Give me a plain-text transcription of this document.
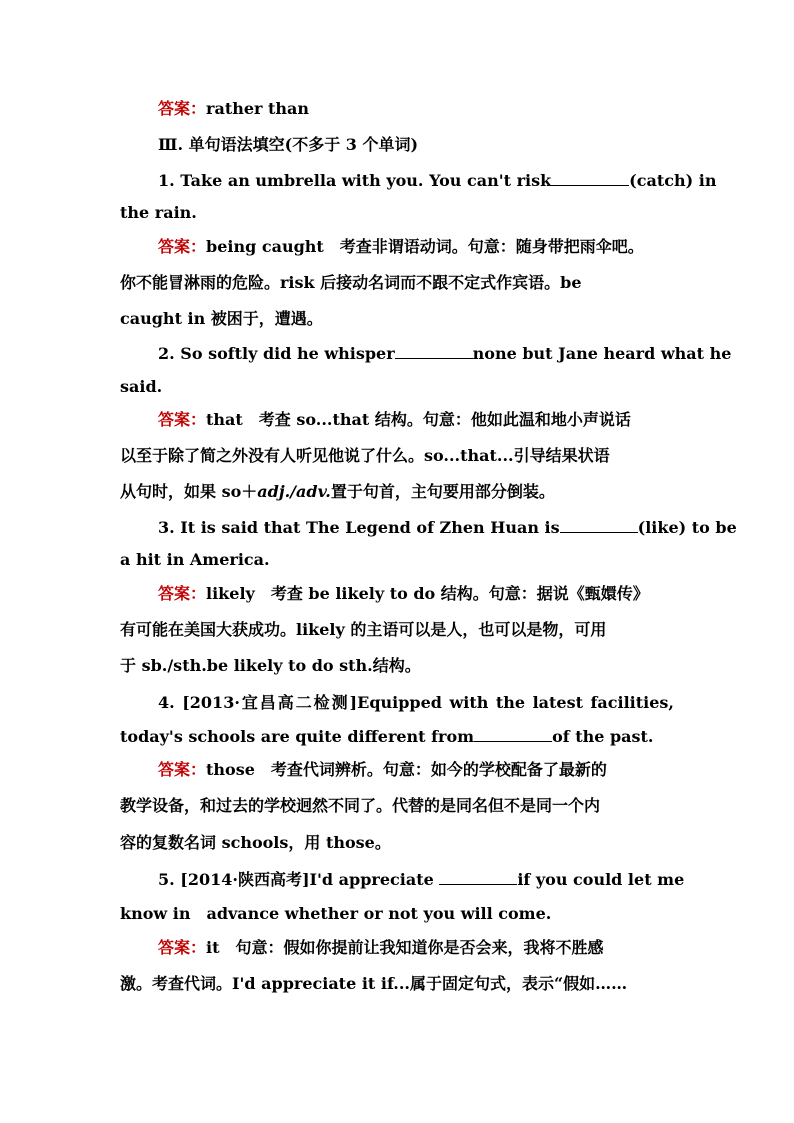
答案：rather than
Ⅲ. 单句语法填空(不多于 3 个单词)
1. Take an umbrella with you. You can't risk	(catch) in
the rain.
答案：being caught　考查非谓语动词。句意：随身带把雨伞吧。
你不能冒淋雨的危险。risk 后接动名词而不跟不定式作宾语。be
caught in 被困于，遭遇。
2. So softly did he whisper	none but Jane heard what he
said.
答案：that　考查 so...that 结构。句意：他如此温和地小声说话
以至于除了简之外没有人听见他说了什么。so...that...引导结果状语
从句时，如果 so＋adj./adv.置于句首，主句要用部分倒装。
3. It is said that The Legend of Zhen Huan is	(like) to be
a hit in America.
答案：likely　考查 be likely to do 结构。句意：据说《甄嬛传》
有可能在美国大获成功。likely 的主语可以是人，也可以是物，可用
于 sb./sth.be likely to do sth.结构。
4. [2013·宜昌高二检测]Equipped with the latest facilities,
today's schools are quite different from	of the past.
答案：those　考查代词辨析。句意：如今的学校配备了最新的
教学设备，和过去的学校迥然不同了。代替的是同名但不是同一个内
容的复数名词 schools，用 those。
5. [2014·陕西高考]I'd appreciate	if you could let me
know in　advance whether or not you will come.
答案：it　句意：假如你提前让我知道你是否会来，我将不胜感
激。考查代词。I'd appreciate it if...属于固定句式，表示“假如……
